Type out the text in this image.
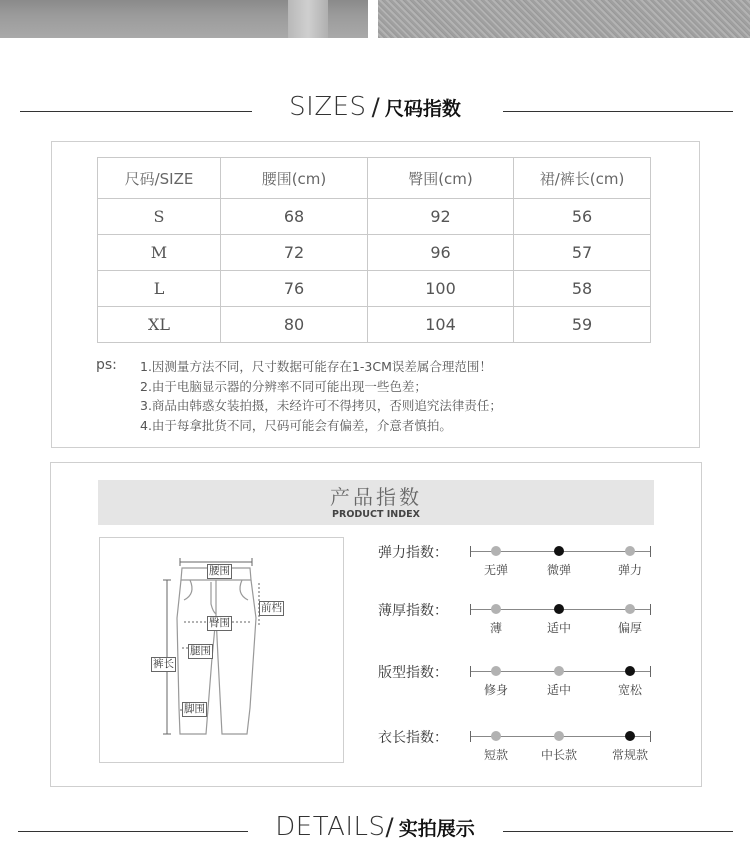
SIZES / 尺码指数
尺码/SIZE	腰围(cm)	臀围(cm)	裙/裤长(cm)
S	68	92	56
M	72	96	57
L	76	100	58
XL	80	104	59
ps: 1.因测量方法不同，尺寸数据可能存在1-3CM误差属合理范围！
2.由于电脑显示器的分辨率不同可能出现一些色差；
3.商品由韩惑女装拍摄，未经许可不得拷贝，否则追究法律责任；
4.由于每拿批货不同，尺码可能会有偏差，介意者慎拍。
产品指数
PRODUCT INDEX
腰围
前档
臀围
腿围
裤长
脚围
弹力指数：
无弹	微弹	弹力
薄厚指数：
薄	适中	偏厚
版型指数：
修身	适中	宽松
衣长指数：
短款	中长款	常规款
DETAILS/ 实拍展示
